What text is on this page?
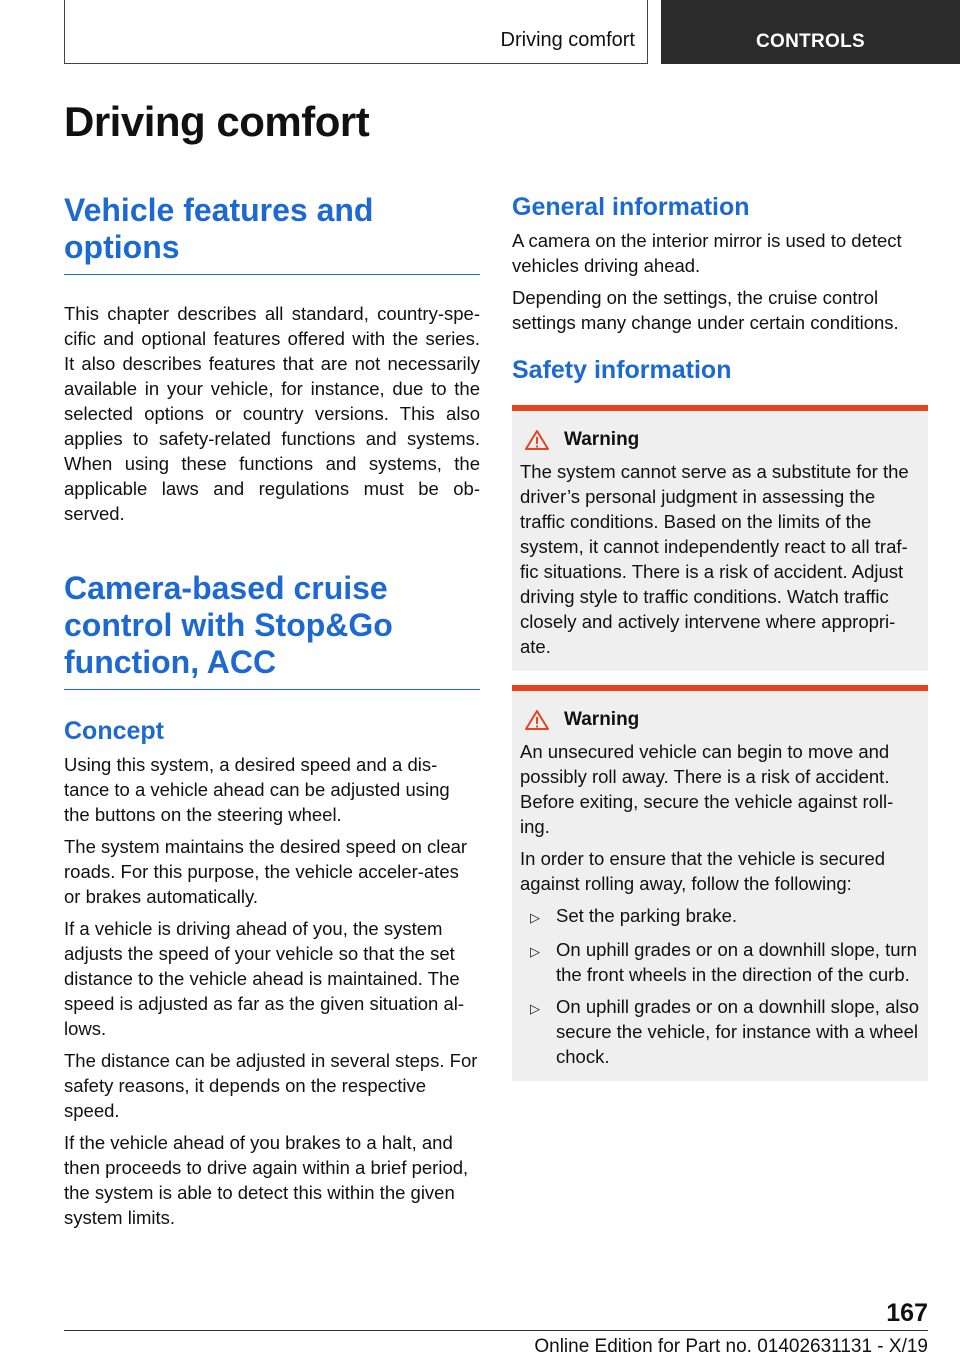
Driving comfort	CONTROLS
Driving comfort
Vehicle features and options

This chapter describes all standard, country-spe-cific and optional features offered with the series. It also describes features that are not necessarily available in your vehicle, for instance, due to the selected options or country versions. This also applies to safety-related functions and systems. When using these functions and systems, the applicable laws and regulations must be ob-served.

Camera-based cruise control with Stop&Go function, ACC
Concept

Using this system, a desired speed and a dis-tance to a vehicle ahead can be adjusted using the buttons on the steering wheel.

The system maintains the desired speed on clear roads. For this purpose, the vehicle acceler-ates or brakes automatically.

If a vehicle is driving ahead of you, the system adjusts the speed of your vehicle so that the set distance to the vehicle ahead is maintained. The speed is adjusted as far as the given situation al-lows.

The distance can be adjusted in several steps. For safety reasons, it depends on the respective speed.

If the vehicle ahead of you brakes to a halt, and then proceeds to drive again within a brief period, the system is able to detect this within the given system limits.

General information

A camera on the interior mirror is used to detect vehicles driving ahead.

Depending on the settings, the cruise control settings many change under certain conditions.

Safety information
Warning

The system cannot serve as a substitute for the driver’s personal judgment in assessing the traffic conditions. Based on the limits of the system, it cannot independently react to all traf-fic situations. There is a risk of accident. Adjust driving style to traffic conditions. Watch traffic closely and actively intervene where appropri-ate.

Warning

An unsecured vehicle can begin to move and possibly roll away. There is a risk of accident. Before exiting, secure the vehicle against roll-ing.

In order to ensure that the vehicle is secured against rolling away, follow the following:

▷ Set the parking brake.
▷ On uphill grades or on a downhill slope, turn the front wheels in the direction of the curb.
▷ On uphill grades or on a downhill slope, also secure the vehicle, for instance with a wheel chock.
167
Online Edition for Part no. 01402631131 - X/19
